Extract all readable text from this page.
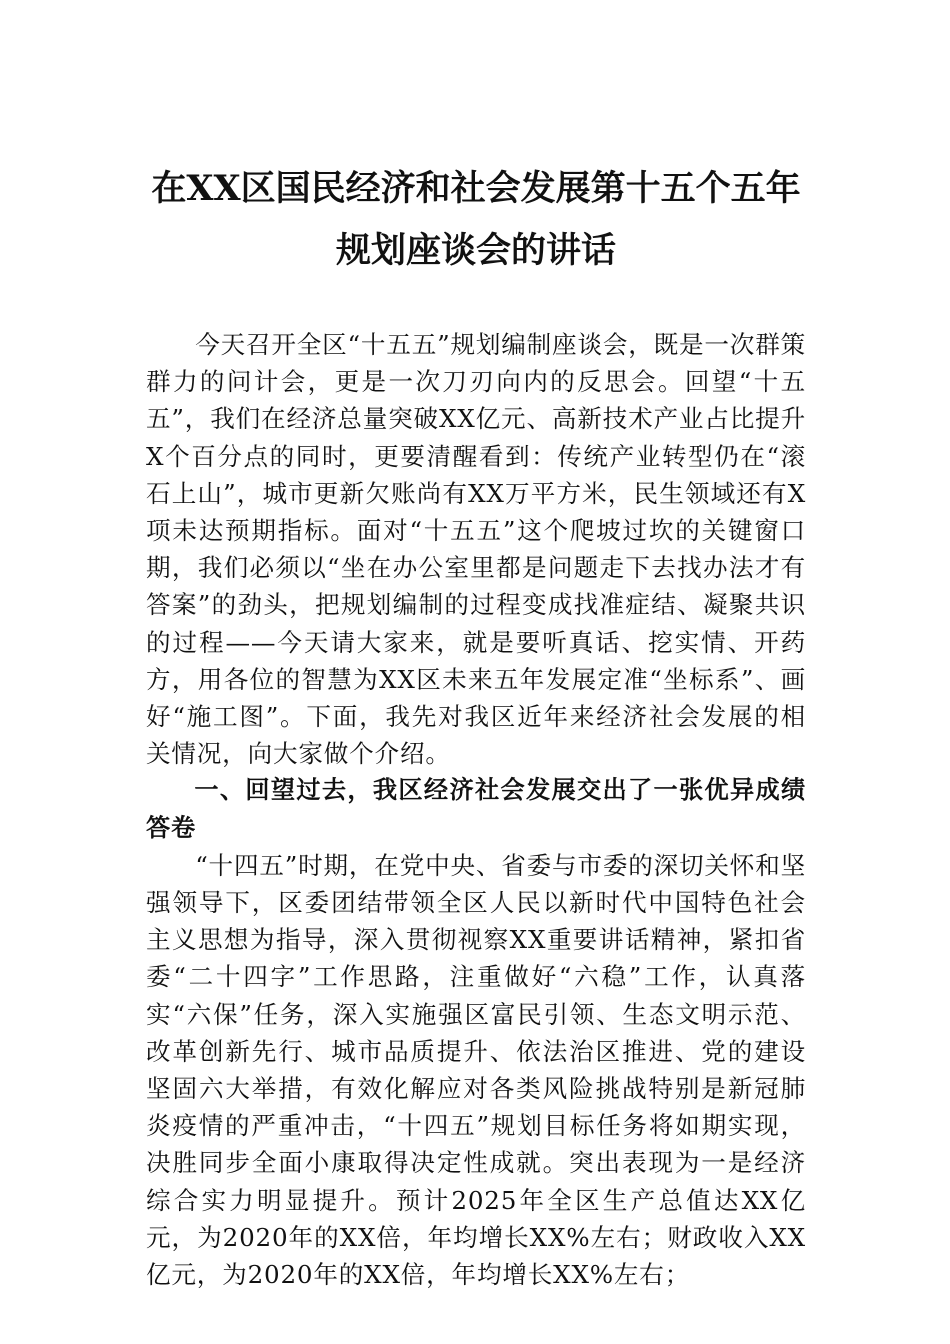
在XX区国民经济和社会发展第十五个五年规划座谈会的讲话

今天召开全区“十五五”规划编制座谈会，既是一次群策群力的问计会，更是一次刀刃向内的反思会。回望“十五五”，我们在经济总量突破XX亿元、高新技术产业占比提升X个百分点的同时，更要清醒看到：传统产业转型仍在“滚石上山”，城市更新欠账尚有XX万平方米，民生领域还有X项未达预期指标。面对“十五五”这个爬坡过坎的关键窗口期，我们必须以“坐在办公室里都是问题走下去找办法才有答案”的劲头，把规划编制的过程变成找准症结、凝聚共识的过程——今天请大家来，就是要听真话、挖实情、开药方，用各位的智慧为XX区未来五年发展定准“坐标系”、画好“施工图”。下面，我先对我区近年来经济社会发展的相关情况，向大家做个介绍。

一、回望过去，我区经济社会发展交出了一张优异成绩答卷

“十四五”时期，在党中央、省委与市委的深切关怀和坚强领导下，区委团结带领全区人民以新时代中国特色社会主义思想为指导，深入贯彻视察XX重要讲话精神，紧扣省委“二十四字”工作思路，注重做好“六稳”工作，认真落实“六保”任务，深入实施强区富民引领、生态文明示范、改革创新先行、城市品质提升、依法治区推进、党的建设坚固六大举措，有效化解应对各类风险挑战特别是新冠肺炎疫情的严重冲击，“十四五”规划目标任务将如期实现，决胜同步全面小康取得决定性成就。突出表现为一是经济综合实力明显提升。预计2025年全区生产总值达XX亿元，为2020年的XX倍，年均增长XX%左右；财政收入XX亿元，为2020年的XX倍，年均增长XX%左右；
